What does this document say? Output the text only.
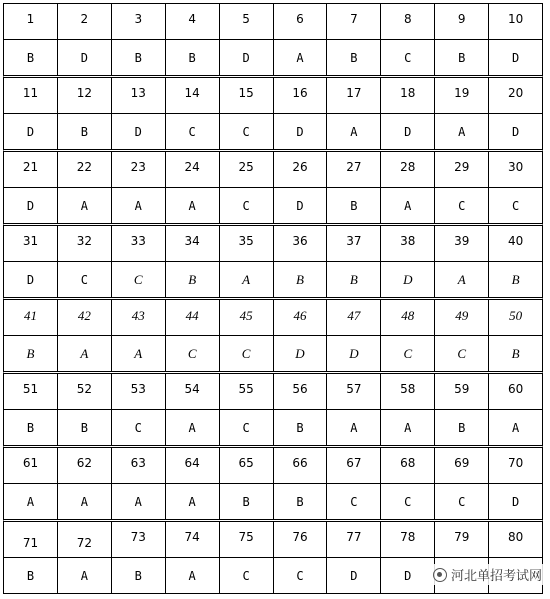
1	2	3	4	5	6	7	8	9	10
B	D	B	B	D	A	B	C	B	D
11	12	13	14	15	16	17	18	19	20
D	B	D	C	C	D	A	D	A	D
21	22	23	24	25	26	27	28	29	30
D	A	A	A	C	D	B	A	C	C
31	32	33	34	35	36	37	38	39	40
D	C	C	B	A	B	B	D	A	B
41	42	43	44	45	46	47	48	49	50
B	A	A	C	C	D	D	C	C	B
51	52	53	54	55	56	57	58	59	60
B	B	C	A	C	B	A	A	B	A
61	62	63	64	65	66	67	68	69	70
A	A	A	A	B	B	C	C	C	D
71	72	73	74	75	76	77	78	79	80
B	A	B	A	C	C	D	D	河北单招考试网
